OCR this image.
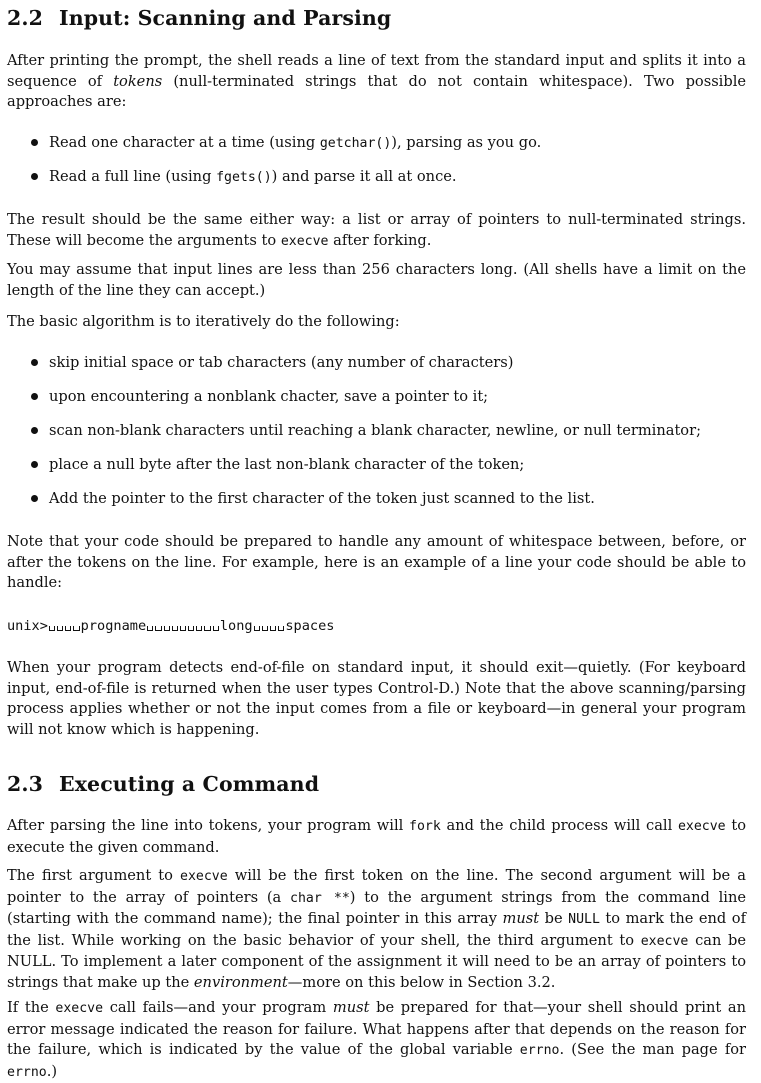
2.2 Input: Scanning and Parsing

After printing the prompt, the shell reads a line of text from the standard input and splits it into a sequence of tokens (null-terminated strings that do not contain whitespace). Two possible approaches are:

Read one character at a time (using getchar()), parsing as you go.
Read a full line (using fgets()) and parse it all at once.

The result should be the same either way: a list or array of pointers to null-terminated strings. These will become the arguments to execve after forking.

You may assume that input lines are less than 256 characters long. (All shells have a limit on the length of the line they can accept.)

The basic algorithm is to iteratively do the following:

skip initial space or tab characters (any number of characters)
upon encountering a nonblank chacter, save a pointer to it;
scan non-blank characters until reaching a blank character, newline, or null terminator;
place a null byte after the last non-blank character of the token;
Add the pointer to the first character of the token just scanned to the list.

Note that your code should be prepared to handle any amount of whitespace between, before, or after the tokens on the line. For example, here is an example of a line your code should be able to handle:

unix> progname	long spaces

When your program detects end-of-file on standard input, it should exit—quietly. (For keyboard input, end-of-file is returned when the user types Control-D.) Note that the above scanning/parsing process applies whether or not the input comes from a file or keyboard—in general your program will not know which is happening.

2.3 Executing a Command

After parsing the line into tokens, your program will fork and the child process will call execve to execute the given command.

The first argument to execve will be the first token on the line. The second argument will be a pointer to the array of pointers (a char **) to the argument strings from the command line (starting with the command name); the final pointer in this array must be NULL to mark the end of the list. While working on the basic behavior of your shell, the third argument to execve can be NULL. To implement a later component of the assignment it will need to be an array of pointers to strings that make up the environment—more on this below in Section 3.2.

If the execve call fails—and your program must be prepared for that—your shell should print an error message indicated the reason for failure. What happens after that depends on the reason for the failure, which is indicated by the value of the global variable errno. (See the man page for errno.)
